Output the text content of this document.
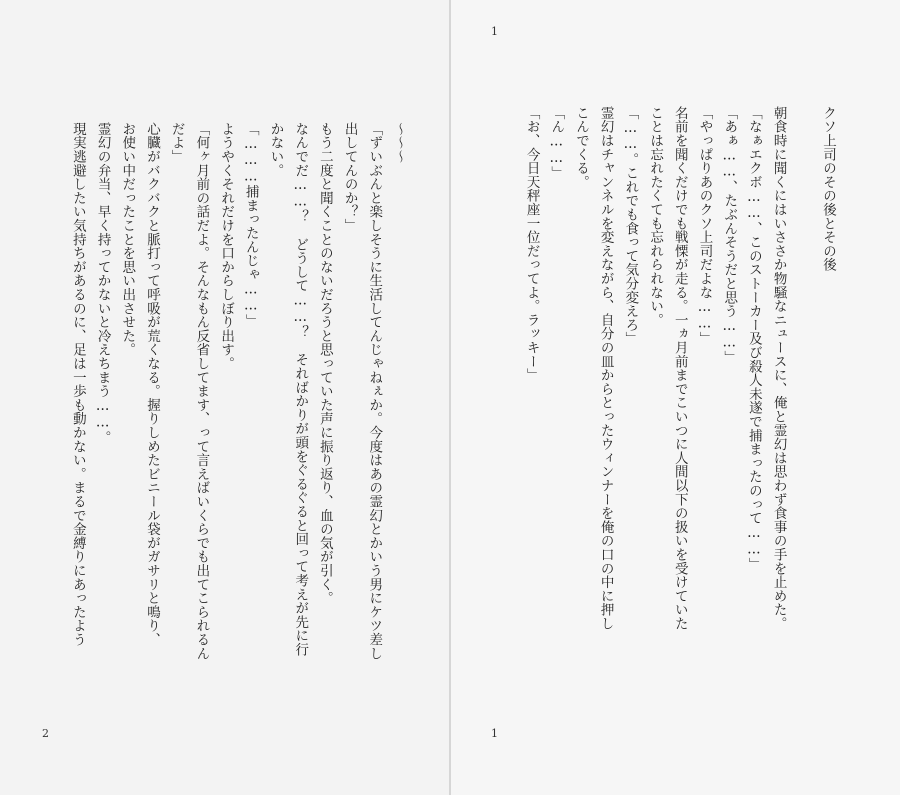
～～～
「ずいぶんと楽しそうに生活してんじゃねぇか。今度はあの霊幻とかいう男にケツ差し
出してんのか？」
もう二度と聞くことのないだろうと思っていた声に振り返り、血の気が引く。
なんでだ……？　どうして……？　そればかりが頭をぐるぐると回って考えが先に行
かない。
「………捕まったんじゃ……」
ようやくそれだけを口からしぼり出す。
「何ヶ月前の話だよ。そんなもん反省してます、って言えばいくらでも出てこられるん
だよ」
心臓がバクバクと脈打って呼吸が荒くなる。握りしめたビニール袋がガサリと鳴り、
お使い中だったことを思い出させた。
霊幻の弁当、早く持ってかないと冷えちまう……。
現実逃避したい気持ちがあるのに、足は一歩も動かない。まるで金縛りにあったよう
2
1
クソ上司のその後とその後

朝食時に聞くにはいささか物騒なニュースに、俺と霊幻は思わず食事の手を止めた。
「なぁエクボ……、このストーカー及び殺人未遂で捕まったのって……」
「あぁ……、たぶんそうだと思う……」
「やっぱりあのクソ上司だよな……」
名前を聞くだけでも戦慄が走る。一ヵ月前までこいつに人間以下の扱いを受けていた
ことは忘れたくても忘れられない。
「……。これでも食って気分変えろ」
霊幻はチャンネルを変えながら、自分の皿からとったウィンナーを俺の口の中に押し
こんでくる。
「ん……」
「お、今日天秤座一位だってよ。ラッキー」
1
